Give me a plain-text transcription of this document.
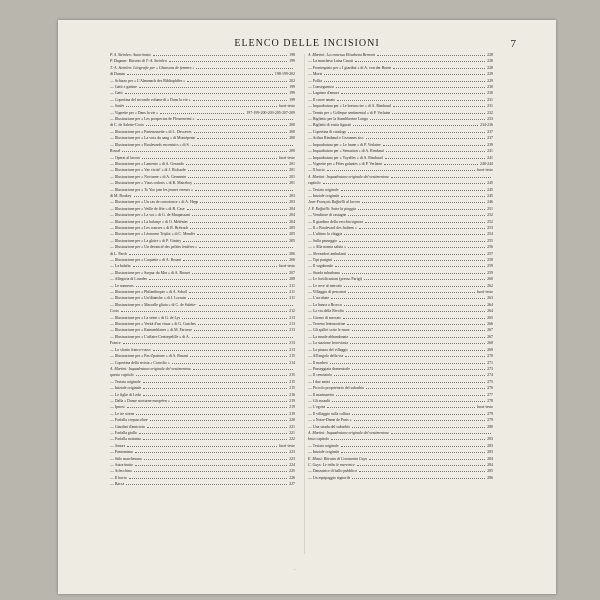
ELENCO DELLE INCISIONI	7
P. A. Steinlen: Autoritratto	198
P. Dagnan: Ritratto di T.-A. Steinlen	199
T.-A. Steinlen: Litografie per « Chansons de femmes »
di Dumas	198-199-202
— Schizzo per « L'Almanach des Bibliophiles »	202
— Gatti e gattine	199
— Gatti	199
— Copertina del secondo volume di « Dans la vie »	199
— Sariès	fuori-testo
— Vignette per « Dans la vie »	197-199-200-203-205-207-209
— Illustrazione per « Les prospectus de Fleurenvent »
di C. de Salette-Croix	200
— Illustrazione per « Partenzasette » di L. Descaves	200
— Illustrazione per « La voix du sang » di Montépesin	200
— Illustrazione per « Boulevards excentrics » di S.
Rossel	200
— Operai al lavoro	fuori-testo
— Illustrazione per « Lamento » di A. Geraudo	201
— Illustrazione per « Vae victis! » di J. Richarde	201
— Illustrazione per « Nocturne » di A. Germesin	201
— Illustrazione per « Visus ordoris » di R. Maireboy	201
— Illustrazione per « To Yoo jam les jeunes erreurs »
di M. Boukey	203
— Illustrazione per « Un cas de conscience » di A. Hepp	203
— Illustrazione per « Veille de fête » di R. Case	204
— Illustrazione per « La voi » di G. de Maupassant	204
— Illustrazione per « La balançe » di O. Méténier	204
— Illustrazione per « Les courses » di R. Bréirach	205
— Illustrazione per « Léonorne Triplot » di C. Mendès	205
— Illustrazione per « La gloire » di P. Ginisty	205
— Illustrazione per « Un devancié des pelites fenières »
di L. Parch	206
— Illustrazione per « Coquette » di A. Bruant	206
— La balafta	fuori-testo
— Illustrazione per « Sorpur du Mar » di A. Brouet	207
— Allegoria di Lourdes	208
— Le sonneurs	211
— Illustrazione per « Philanthropie » di A. Scholl	211
— Illustrazione per « Un'ditanche » di J. Lorrain	211
— Illustrazione per « Macralle gliaia » di C. de Salette-
Croix	212
— Illustrazione per « La seine » di G. de Lys	213
— Illustrazione per « Verità d'un viaux » di G. Guiches	213
— Illustrazione per « Ratmenblanes » di M. Fartrese	213
— Illustrazione per « L'affaire Centrepelille » di A.
France	213
— Lo sfratto franco-russo	213
— Illustrazione per « Pas d'patrone » di A. Bruant	215
— Copertina della rivista « Concilio »	214
A. Martini: Inquadratura originale del vestimentoso
questo capitolo	215
— Testata originale	215
— Iniziale originale	215
— Le figlie di Leda	216
— Dalla « Danse nocturne européen »	219
— Ipnosi	219
— Le tre sirene	219
— Farfalla crepuscolare	220
— Giardini d'amicizia	221
— Farfalla gialla	221
— Farfalla notturna	222
— Amore	fuori-testo
— Pantomima	223
— Stilo marchesana	223
— Autoritratto	224
— Arlecchino	225
— Il bacio	226
— Bacca	227
A. Martini: La contessa Elisabetta Bernoin	228
— La marchesa Luisa Casati	228
— Frontespizio per « I giardini » di A. von der Borne	228
— Morte	229
— Follia	229
— Conseguenza	230
— Lagrime d'amore	230
— Il cuore amato	231
— Inquadratura per « Le breton rire » di A. Rimbaud	231
— Tennis per « Colleque sentimental » di P. Verlaine	232
— Biglietto per la Stamliberine Longo	233
— Biglietti di visita figurati	234-236
— Copertina di catalogo	237
— Arthur Rimbaud e Cezannes sicc	237
— Inquadratura per « Le faune » di P. Verlaine	239
— Inquadratura per « Sensation » di A. Rimbaud	241
— Inquadratura per « Voyelles » di A. Rimbaud	241
— Vignette per « Fêtes galantes » di P. Verlaine	240-244
— Il bacio	fuori-testo
A. Martini: Inquadratura originale del vestimentoso
capitolo	245
— Testata originale	245
— Iniziale originale	245
Jean-François Raffaëlli al lavoro	246
J. F. Raffaëlli: Sotto la pioggia	251
— Venditore di castagne	252
— Il giardino della vecchia signora	252
— Il « Boulevard des Italiens »	253
— L'ultimo la chiggia	254
— Sulla passeggio	255
— « Alla nomia saluto »	256
— Sleveadori ambulanti	257
— Tipi parigini	258
— Il vagabondo	259
— Strada suburbana	259
— Le fortificazioni (presso Parigi)	260
— Le rove al mercato	262
— Villaggio di pescatori	fuori-testo
— L'acrobate	263
— La banca a Brocca	264
— La via della Rivolta	264
— Giorno di mercato	265
— Terreno lentracottine	266
— Gli spillet sotto le mure	267
— La muale abbandonata	267
— La stazione ferroviaria	268
— La piazza del villaggio	269
— All'angolo della via	270
— Il madreo	271
— Passeggiata domenicale	273
— Il cenciaiolo	274
— I due amici	275
— Piccolo proprietario del suburbio	276
— Il marinaretto	277
— Gli assaulti	278
— L'ogone	fuori-testo
— Il villaggio sulla collina	279
— « Notre-Dame de Paris »	279
— Una strada del suburbio	280
A. Martini: Inquadratura originale del vestimentoso
bisio capitolo	283
— Testata originale	283
— Iniziale originale	283
E. Massi: Ritratto di Constantin Guys	284
C. Guys: Le tribu le meretrice	284
— Danzatrice di ballo pubblico	285
— Un equipaggio signorile	286
·
